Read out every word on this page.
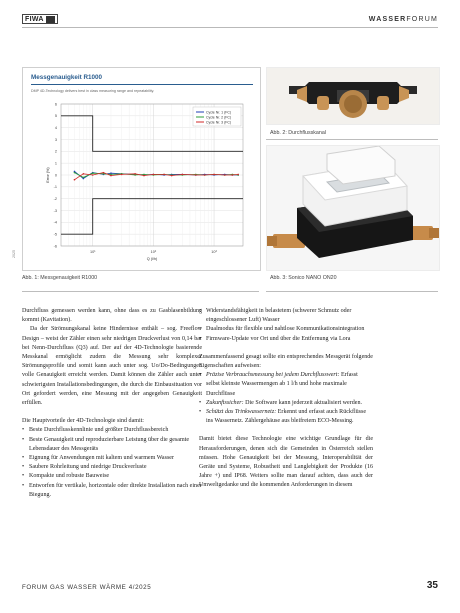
FIWA	WASSERFORUM
Messgenauigkeit R1000
DMP 4D-Technology delivers best in class measuring range and repeatability.
6
5
4
3
2
1
0
-1
-2
-3
-4
-5
-6
10¹	10²	10³
Q (l/h)
Error (%)
Cycle Nr. 1 (FC)
Cycle Nr. 2 (FC)
Cycle Nr. 3 (FC)
2025
Abb. 2: Durchflusskanal
Abb. 3: Sonico NANO ON20
Abb. 1: Messgenauigkeit R1000

Durchfluss gemessen werden kann, ohne dass es zu Gasblasenbildung kommt (Kavitation).

Da der Strömungskanal keine Hindernisse enthält – sog. Freeflow Design – weist der Zähler einen sehr niedrigen Druckverlust von 0,14 bar bei Nenn-Durchfluss (Q3) auf. Der auf der 4D-Technologie basierende Messkanal ermöglicht zudem die Messung sehr komplexer Strömungsprofile und somit kann auch unter sog. Uo/Do-Bedingungen volle Genauigkeit erreicht werden. Damit können die Zähler auch unter schwierigsten Installationsbedingungen, die durch die Einbausituation vor Ort gefordert werden, eine Messung mit der angegeben Genauigkeit erfüllen.

Die Hauptvorteile der 4D-Technologie sind damit:

• Beste Durchflusskennlinie und größter Durchflussbereich
• Beste Genauigkeit und reproduzierbare Leistung über die gesamte Lebensdauer des Messgeräts
• Eignung für Anwendungen mit kaltem und warmem Wasser
• Saubere Rohrleitung und niedrige Druckverluste
• Kompakte und robuste Bauweise
• Entworfen für vertikale, horizontale oder direkte Installation nach einer Biegung.
• Widerstandsfähigkeit in belastetem (schwerer Schmutz oder eingeschlossener Luft) Wasser
• Dualmodus für flexible und nahtlose Kommunikationsintegration
• Firmware-Update vor Ort und über die Entfernung via Lora

Zusammenfassend gesagt sollte ein entsprechendes Messgerät folgende Eigenschaften aufweisen:

• Präzise Verbrauchsmessung bei jedem Durchflusswert: Erfasst selbst kleinste Wassermengen ab 1 l/h und hohe maximale Durchflüsse
• Zukunftssicher: Die Software kann jederzeit aktualisiert werden.
• Schützt das Trinkwassernetz: Erkennt und erfasst auch Rückflüsse ins Wassernetz. Zählergehäuse aus bleifreiem ECO-Messing.

Damit bietet diese Technologie eine wichtige Grundlage für die Herausforderungen, denen sich die Gemeinden in Österreich stellen müssen. Hohe Genauigkeit bei der Messung, Interoperabilität der Geräte und Systeme, Robustheit und Langlebigkeit der Produkte (16 Jahre +) und IP68. Weiters sollte man darauf achten, dass auch der Umweltgedanke und die kommenden Anforderungen in diesem

FORUM GAS WASSER WÄRME 4/2025	35
